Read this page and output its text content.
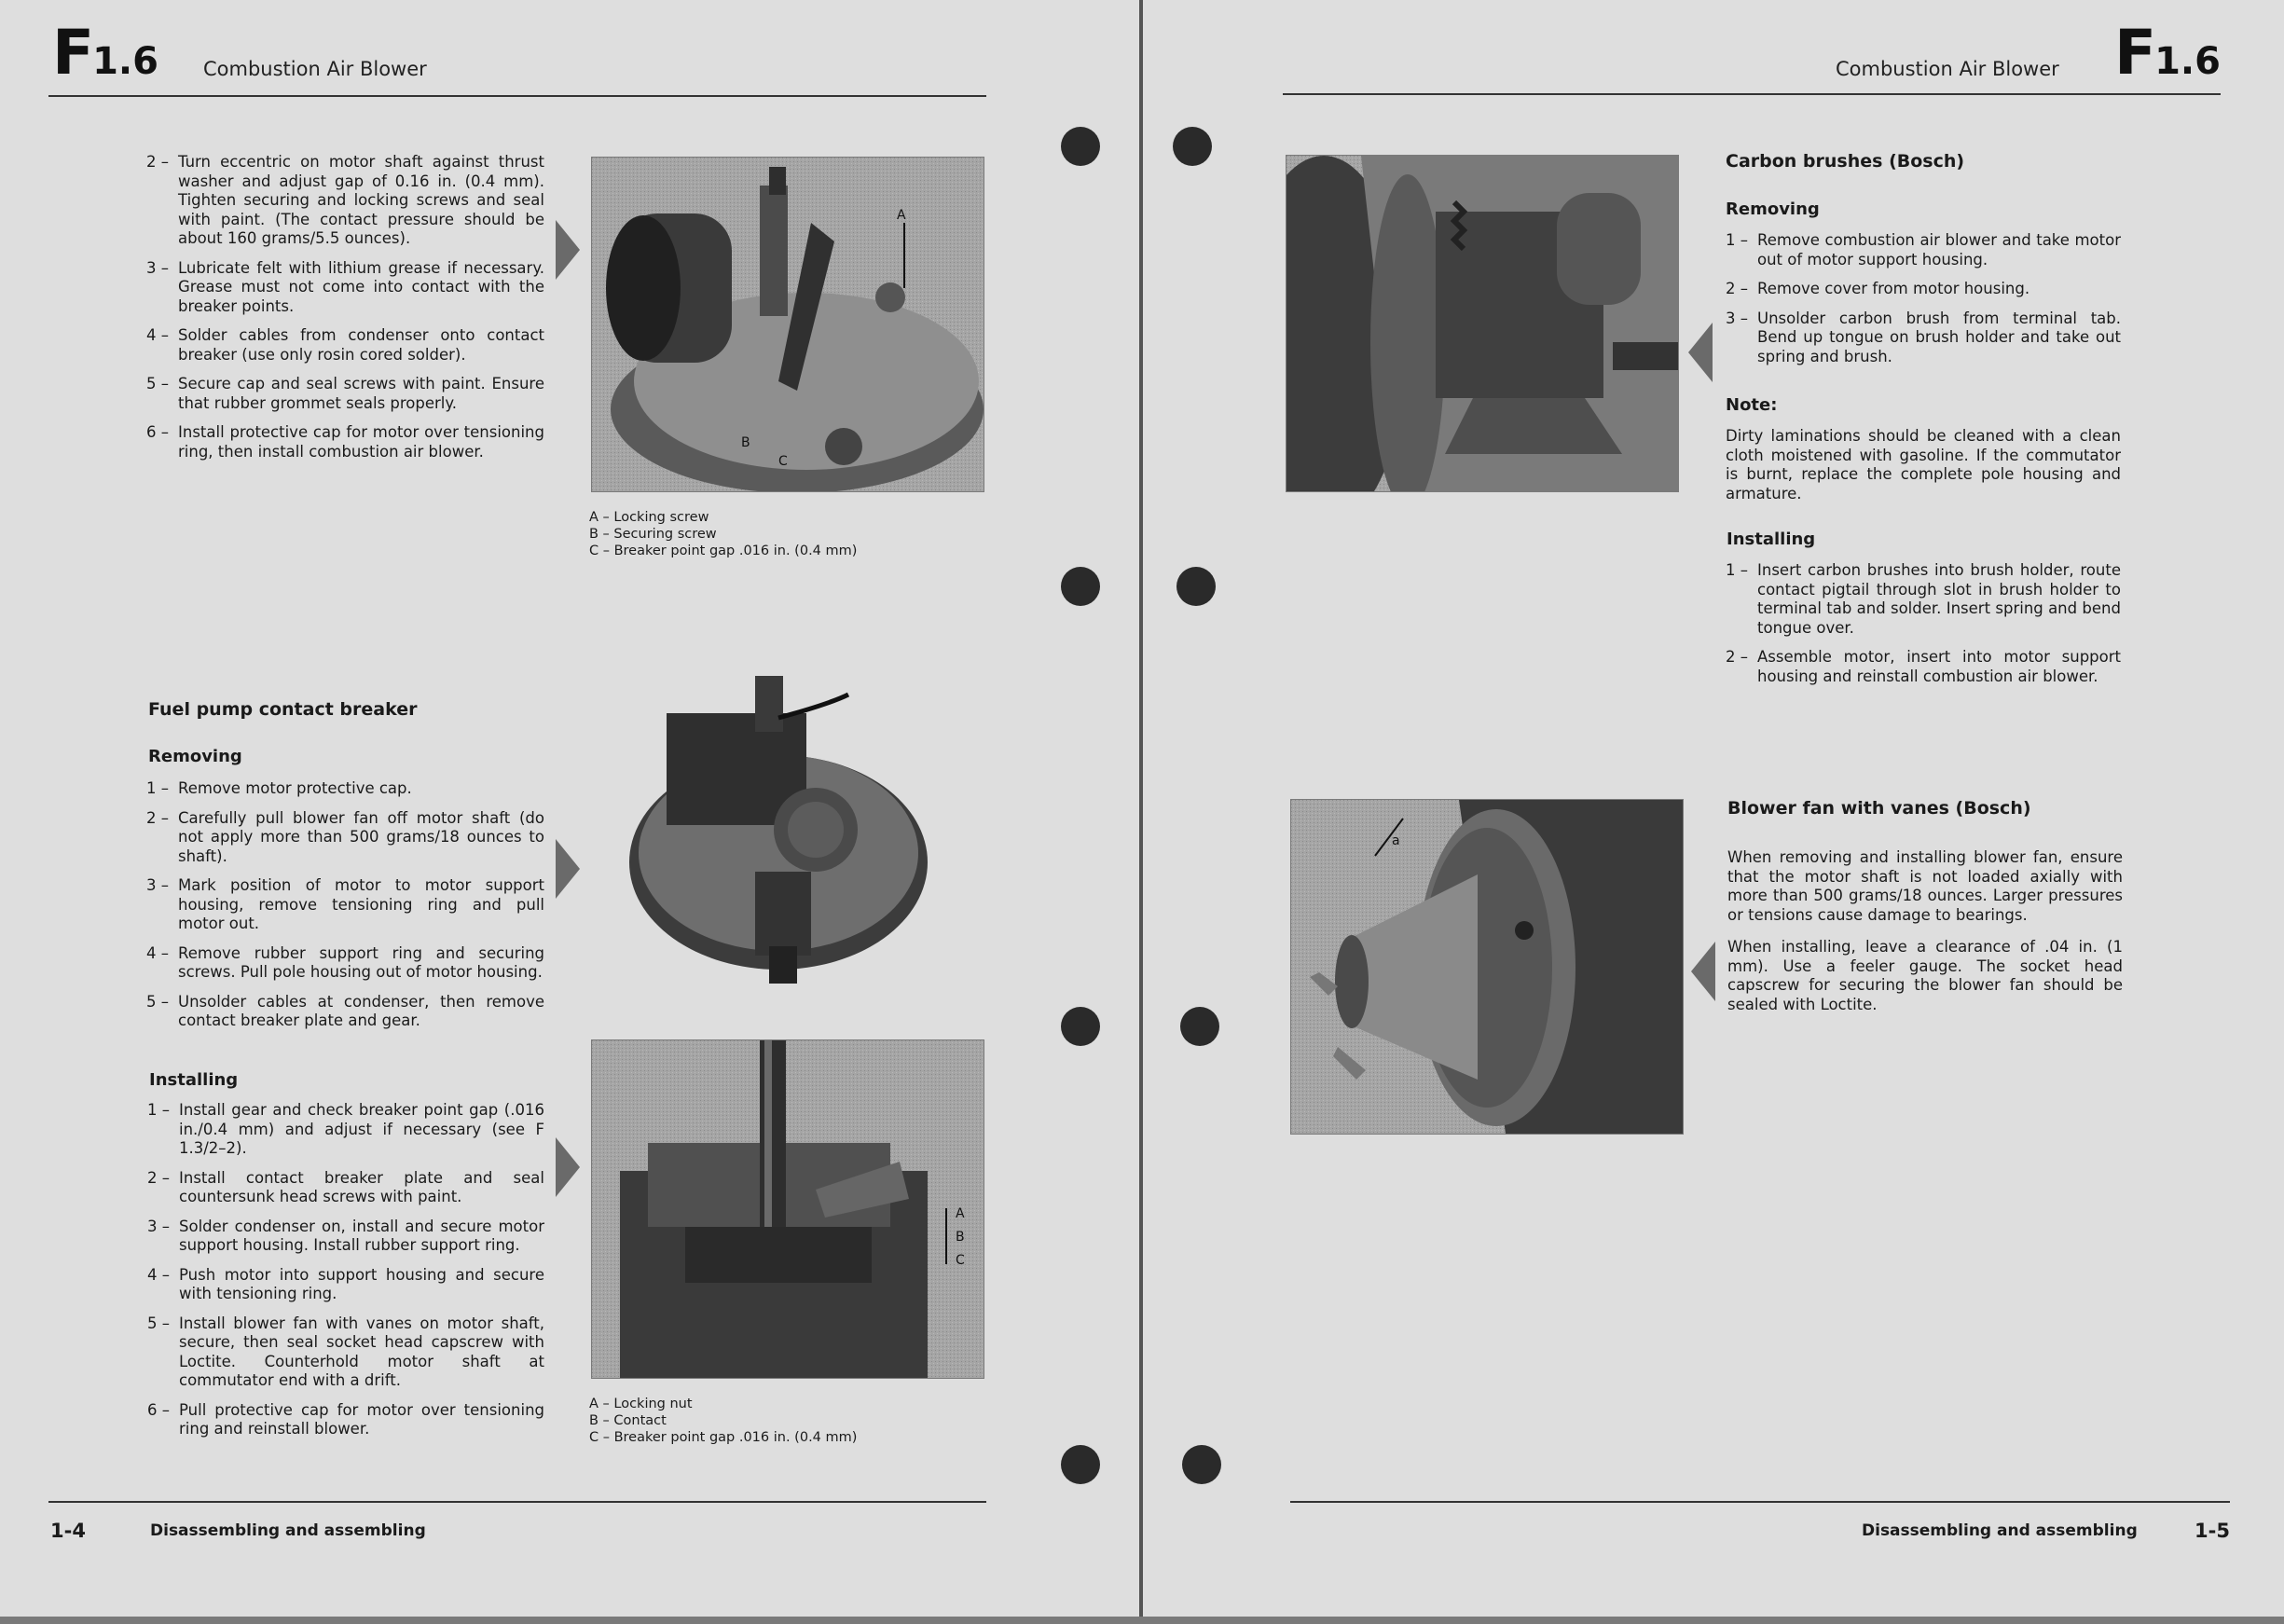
F1.6 Combustion Air Blower
2 – Turn eccentric on motor shaft against thrust washer and adjust gap of 0.16 in. (0.4 mm). Tighten securing and locking screws and seal with paint. (The contact pressure should be about 160 grams/5.5 ounces).
3 – Lubricate felt with lithium grease if necessary. Grease must not come into contact with the breaker points.
4 – Solder cables from condenser onto contact breaker (use only rosin cored solder).
5 – Secure cap and seal screws with paint. Ensure that rubber grommet seals properly.
6 – Install protective cap for motor over tensioning ring, then install combustion air blower.
A
B
C
A – Locking screw
B – Securing screw
C – Breaker point gap .016 in. (0.4 mm)
Fuel pump contact breaker
Removing
1 – Remove motor protective cap.
2 – Carefully pull blower fan off motor shaft (do not apply more than 500 grams/18 ounces to shaft).
3 – Mark position of motor to motor support housing, remove tensioning ring and pull motor out.
4 – Remove rubber support ring and securing screws. Pull pole housing out of motor housing.
5 – Unsolder cables at condenser, then remove contact breaker plate and gear.
Installing
1 – Install gear and check breaker point gap (.016 in./0.4 mm) and adjust if necessary (see F 1.3/2–2).
2 – Install contact breaker plate and seal countersunk head screws with paint.
3 – Solder condenser on, install and secure motor support housing. Install rubber support ring.
4 – Push motor into support housing and secure with tensioning ring.
5 – Install blower fan with vanes on motor shaft, secure, then seal socket head capscrew with Loctite. Counterhold motor shaft at commutator end with a drift.
6 – Pull protective cap for motor over tensioning ring and reinstall blower.
A
B
C
A – Locking nut
B – Contact
C – Breaker point gap .016 in. (0.4 mm)
1-4	Disassembling and assembling
Combustion Air Blower F1.6
Carbon brushes (Bosch)
Removing
1 – Remove combustion air blower and take motor out of motor support housing.
2 – Remove cover from motor housing.
3 – Unsolder carbon brush from terminal tab. Bend up tongue on brush holder and take out spring and brush.
Note:

Dirty laminations should be cleaned with a clean cloth moistened with gasoline. If the commutator is burnt, replace the complete pole housing and armature.

Installing
1 – Insert carbon brushes into brush holder, route contact pigtail through slot in brush holder to terminal tab and solder. Insert spring and bend tongue over.
2 – Assemble motor, insert into motor support housing and reinstall combustion air blower.
a
Blower fan with vanes (Bosch)

When removing and installing blower fan, ensure that the motor shaft is not loaded axially with more than 500 grams/18 ounces. Larger pressures or tensions cause damage to bearings.

When installing, leave a clearance of .04 in. (1 mm). Use a feeler gauge. The socket head capscrew for securing the blower fan should be sealed with Loctite.

Disassembling and assembling	1-5
